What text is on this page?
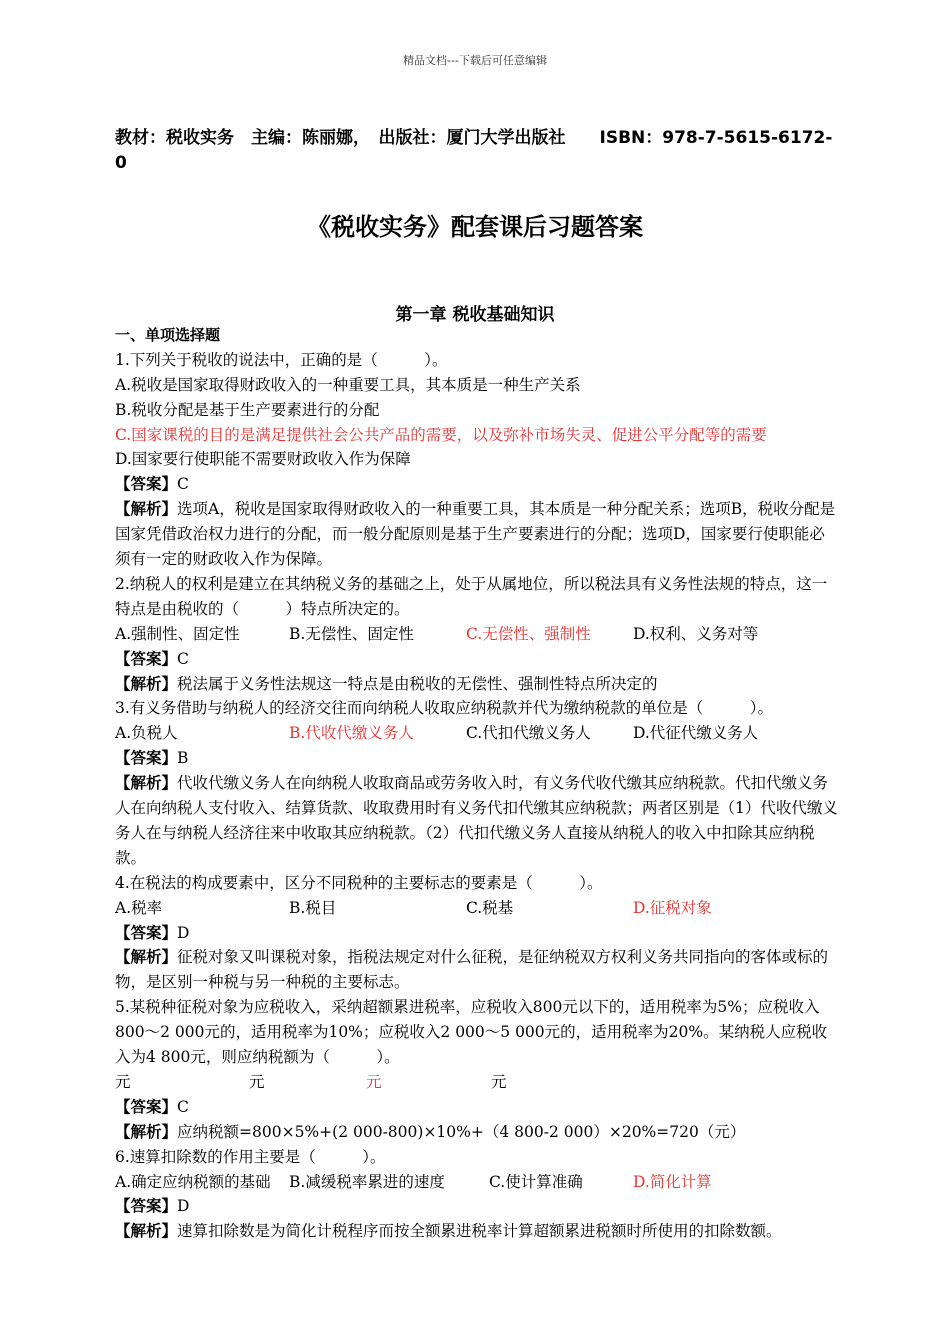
精品文档---下载后可任意编辑
教材：税收实务　主编：陈丽娜，　出版社：厦门大学出版社　　ISBN：978-7-5615-6172-0
《税收实务》配套课后习题答案
第一章 税收基础知识
一、单项选择题
1.下列关于税收的说法中，正确的是（　　　）。
A.税收是国家取得财政收入的一种重要工具，其本质是一种生产关系
B.税收分配是基于生产要素进行的分配
C.国家课税的目的是满足提供社会公共产品的需要，以及弥补市场失灵、促进公平分配等的需要
D.国家要行使职能不需要财政收入作为保障
【答案】C
【解析】选项A，税收是国家取得财政收入的一种重要工具，其本质是一种分配关系；选项B，税收分配是国家凭借政治权力进行的分配，而一般分配原则是基于生产要素进行的分配；选项D，国家要行使职能必须有一定的财政收入作为保障。
2.纳税人的权利是建立在其纳税义务的基础之上，处于从属地位，所以税法具有义务性法规的特点，这一特点是由税收的（　　　）特点所决定的。
A.强制性、固定性	B.无偿性、固定性	C.无偿性、强制性	D.权利、义务对等
【答案】C
【解析】税法属于义务性法规这一特点是由税收的无偿性、强制性特点所决定的
3.有义务借助与纳税人的经济交往而向纳税人收取应纳税款并代为缴纳税款的单位是（　　　）。
A.负税人	B.代收代缴义务人	C.代扣代缴义务人	D.代征代缴义务人
【答案】B
【解析】代收代缴义务人在向纳税人收取商品或劳务收入时，有义务代收代缴其应纳税款。代扣代缴义务人在向纳税人支付收入、结算货款、收取费用时有义务代扣代缴其应纳税款；两者区别是（1）代收代缴义务人在与纳税人经济往来中收取其应纳税款。（2）代扣代缴义务人直接从纳税人的收入中扣除其应纳税款。
4.在税法的构成要素中，区分不同税种的主要标志的要素是（　　　）。
A.税率	B.税目	C.税基	D.征税对象
【答案】D
【解析】征税对象又叫课税对象，指税法规定对什么征税，是征纳税双方权利义务共同指向的客体或标的物，是区别一种税与另一种税的主要标志。
5.某税种征税对象为应税收入，采纳超额累进税率，应税收入800元以下的，适用税率为5%；应税收入800～2 000元的，适用税率为10%；应税收入2 000～5 000元的，适用税率为20%。某纳税人应税收入为4 800元，则应纳税额为（　　　）。
元	元	元	元
【答案】C
【解析】应纳税额=800×5%+(2 000-800)×10%+（4 800-2 000）×20%=720（元）
6.速算扣除数的作用主要是（　　　）。
A.确定应纳税额的基础	B.减缓税率累进的速度	C.使计算准确	D.简化计算
【答案】D
【解析】速算扣除数是为简化计税程序而按全额累进税率计算超额累进税额时所使用的扣除数额。
